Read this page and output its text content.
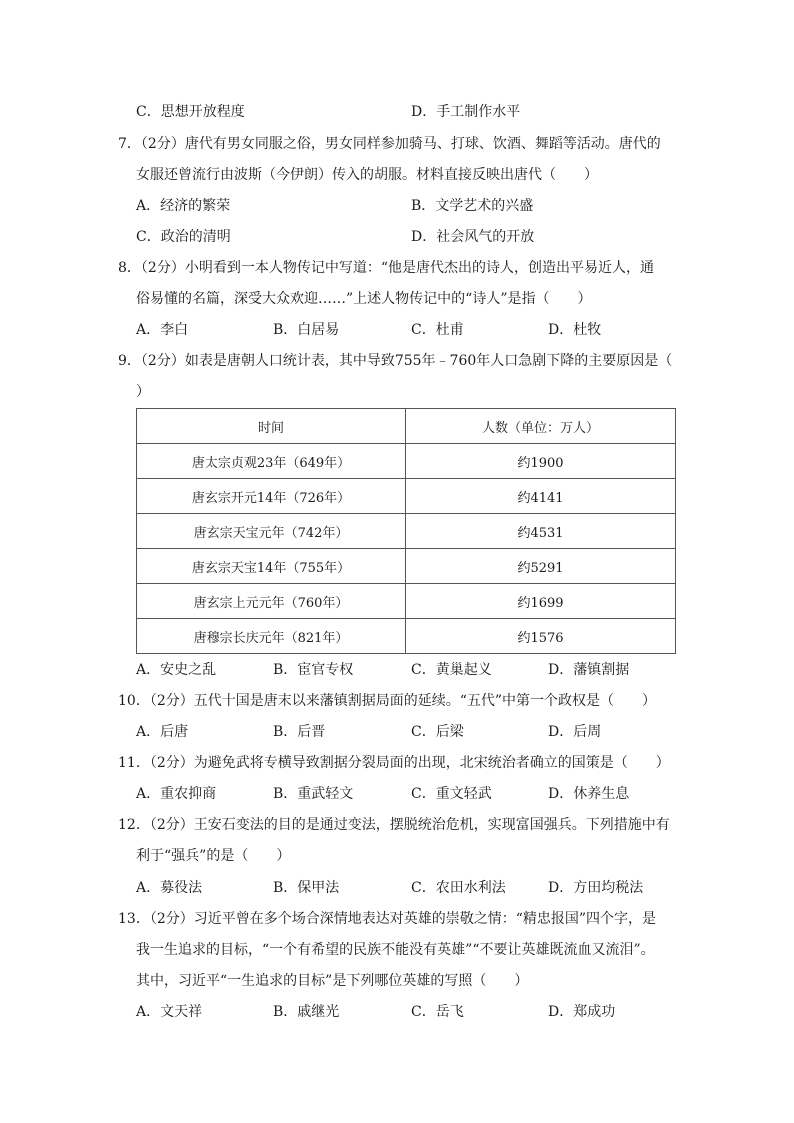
C．思想开放程度	D．手工制作水平
7．（2分）唐代有男女同服之俗，男女同样参加骑马、打球、饮酒、舞蹈等活动。唐代的
女服还曾流行由波斯（今伊朗）传入的胡服。材料直接反映出唐代（　　）
A．经济的繁荣	B．文学艺术的兴盛
C．政治的清明	D．社会风气的开放
8．（2分）小明看到一本人物传记中写道：“他是唐代杰出的诗人，创造出平易近人，通
俗易懂的名篇，深受大众欢迎……”上述人物传记中的“诗人”是指（　　）
A．李白	B．白居易	C．杜甫	D．杜牧
9．（2分）如表是唐朝人口统计表，其中导致755年﹣760年人口急剧下降的主要原因是（
）
时间	人数（单位：万人）
唐太宗贞观23年（649年）	约1900
唐玄宗开元14年（726年）	约4141
唐玄宗天宝元年（742年）	约4531
唐玄宗天宝14年（755年）	约5291
唐玄宗上元元年（760年）	约1699
唐穆宗长庆元年（821年）	约1576
A．安史之乱	B．宦官专权	C．黄巢起义	D．藩镇割据
10．（2分）五代十国是唐末以来藩镇割据局面的延续。“五代”中第一个政权是（　　）
A．后唐	B．后晋	C．后梁	D．后周
11．（2分）为避免武将专横导致割据分裂局面的出现，北宋统治者确立的国策是（　　）
A．重农抑商	B．重武轻文	C．重文轻武	D．休养生息
12．（2分）王安石变法的目的是通过变法，摆脱统治危机，实现富国强兵。下列措施中有
利于“强兵”的是（　　）
A．募役法	B．保甲法	C．农田水利法	D．方田均税法
13．（2分）习近平曾在多个场合深情地表达对英雄的崇敬之情：“精忠报国”四个字，是
我一生追求的目标，“一个有希望的民族不能没有英雄”“不要让英雄既流血又流泪”。
其中，习近平“一生追求的目标”是下列哪位英雄的写照（　　）
A．文天祥	B．戚继光	C．岳飞	D．郑成功
